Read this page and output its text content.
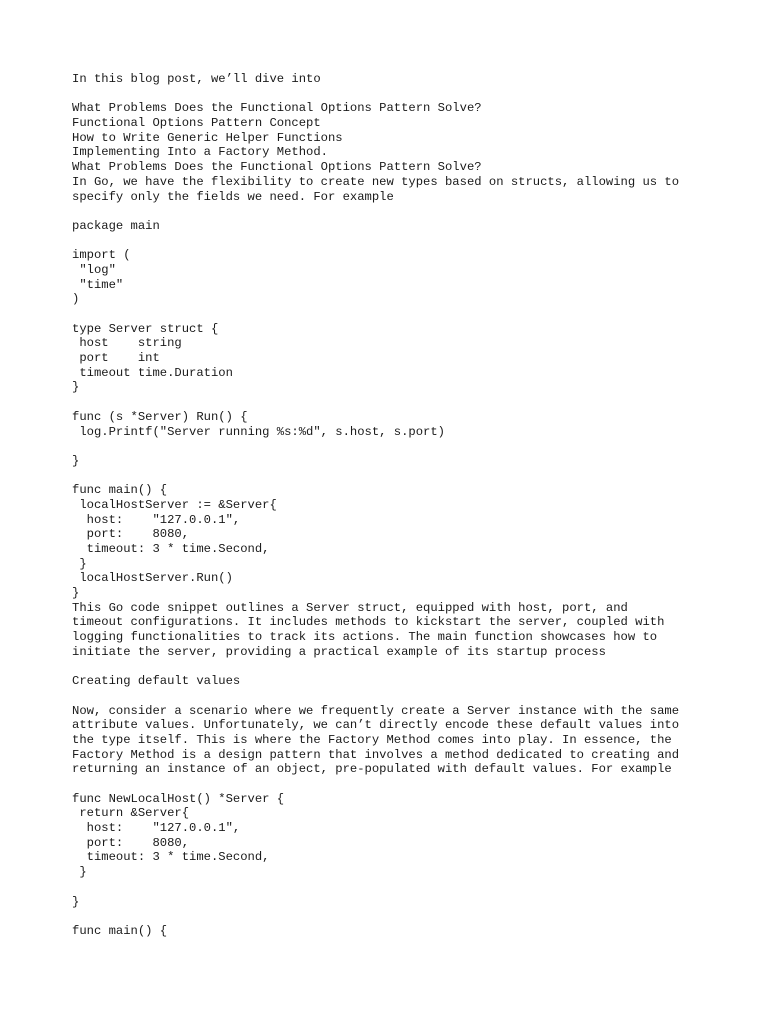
In this blog post, we’ll dive into
What Problems Does the Functional Options Pattern Solve?
Functional Options Pattern Concept
How to Write Generic Helper Functions
Implementing Into a Factory Method.
What Problems Does the Functional Options Pattern Solve?
In Go, we have the flexibility to create new types based on structs, allowing us to
specify only the fields we need. For example
package main
import (
"log"
"time"
)
type Server struct {
host    string
port    int
timeout time.Duration
}
func (s *Server) Run() {
log.Printf("Server running %s:%d", s.host, s.port)
}
func main() {
localHostServer := &Server{
host:    "127.0.0.1",
port:    8080,
timeout: 3 * time.Second,
}
localHostServer.Run()
}
This Go code snippet outlines a Server struct, equipped with host, port, and
timeout configurations. It includes methods to kickstart the server, coupled with
logging functionalities to track its actions. The main function showcases how to
initiate the server, providing a practical example of its startup process
Creating default values
Now, consider a scenario where we frequently create a Server instance with the same
attribute values. Unfortunately, we can’t directly encode these default values into
the type itself. This is where the Factory Method comes into play. In essence, the
Factory Method is a design pattern that involves a method dedicated to creating and
returning an instance of an object, pre-populated with default values. For example
func NewLocalHost() *Server {
return &Server{
host:    "127.0.0.1",
port:    8080,
timeout: 3 * time.Second,
}
}
func main() {
